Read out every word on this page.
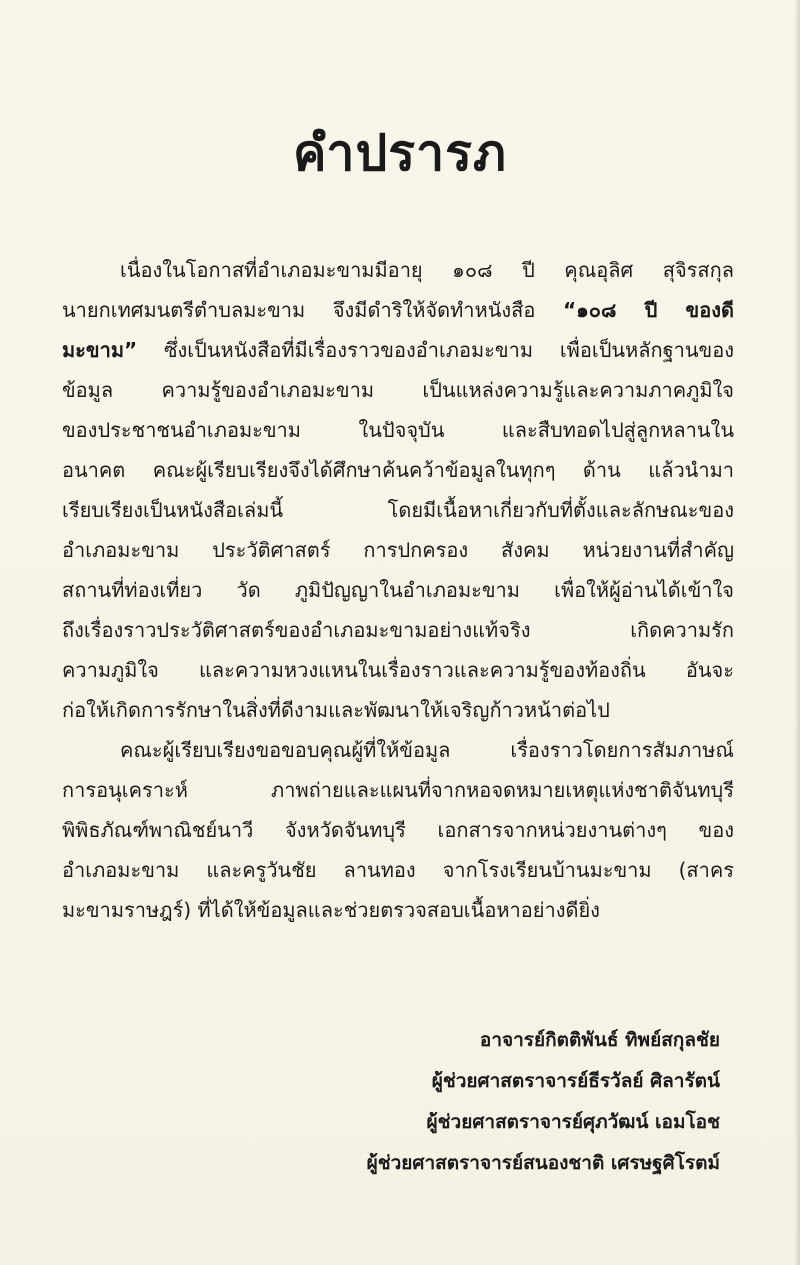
คำปรารภ
เนื่องในโอกาสที่อำเภอมะขามมีอายุ ๑๐๘ ปี คุณอุลิศ สุจิรสกุล
นายกเทศมนตรีตำบลมะขาม จึงมีดำริให้จัดทำหนังสือ “๑๐๘ ปี ของดี
มะขาม” ซึ่งเป็นหนังสือที่มีเรื่องราวของอำเภอมะขาม เพื่อเป็นหลักฐานของ
ข้อมูล ความรู้ของอำเภอมะขาม เป็นแหล่งความรู้และความภาคภูมิใจ
ของประชาชนอำเภอมะขาม ในปัจจุบัน และสืบทอดไปสู่ลูกหลานใน
อนาคต คณะผู้เรียบเรียงจึงได้ศึกษาค้นคว้าข้อมูลในทุกๆ ด้าน แล้วนำมา
เรียบเรียงเป็นหนังสือเล่มนี้ โดยมีเนื้อหาเกี่ยวกับที่ตั้งและลักษณะของ
อำเภอมะขาม ประวัติศาสตร์ การปกครอง สังคม หน่วยงานที่สำคัญ
สถานที่ท่องเที่ยว วัด ภูมิปัญญาในอำเภอมะขาม เพื่อให้ผู้อ่านได้เข้าใจ
ถึงเรื่องราวประวัติศาสตร์ของอำเภอมะขามอย่างแท้จริง เกิดความรัก
ความภูมิใจ และความหวงแหนในเรื่องราวและความรู้ของท้องถิ่น อันจะ
ก่อให้เกิดการรักษาในสิ่งที่ดีงามและพัฒนาให้เจริญก้าวหน้าต่อไป
คณะผู้เรียบเรียงขอขอบคุณผู้ที่ให้ข้อมูล เรื่องราวโดยการสัมภาษณ์
การอนุเคราะห์ ภาพถ่ายและแผนที่จากหอจดหมายเหตุแห่งชาติจันทบุรี
พิพิธภัณฑ์พาณิชย์นาวี จังหวัดจันทบุรี เอกสารจากหน่วยงานต่างๆ ของ
อำเภอมะขาม และครูวันชัย ลานทอง จากโรงเรียนบ้านมะขาม (สาคร
มะขามราษฎร์) ที่ได้ให้ข้อมูลและช่วยตรวจสอบเนื้อหาอย่างดียิ่ง
อาจารย์กิตติพันธ์ ทิพย์สกุลชัย
ผู้ช่วยศาสตราจารย์ธีรวัลย์ ศิลารัตน์
ผู้ช่วยศาสตราจารย์ศุภวัฒน์ เอมโอช
ผู้ช่วยศาสตราจารย์สนองชาติ เศรษฐศิโรตม์
